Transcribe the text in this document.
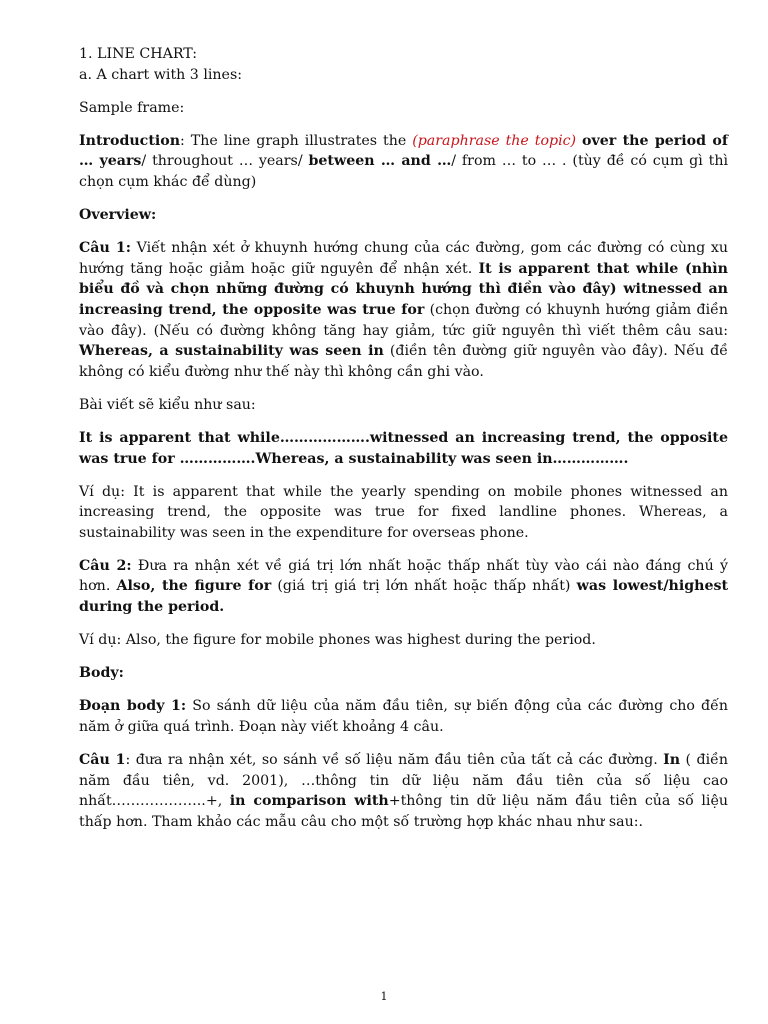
1. LINE CHART:

a. A chart with 3 lines:

Sample frame:

Introduction: The line graph illustrates the (paraphrase the topic) over the period of … years/ throughout … years/ between … and …/ from … to … . (tùy đề có cụm gì thì chọn cụm khác để dùng)

Overview:

Câu 1: Viết nhận xét ở khuynh hướng chung của các đường, gom các đường có cùng xu hướng tăng hoặc giảm hoặc giữ nguyên để nhận xét. It is apparent that while (nhìn biểu đồ và chọn những đường có khuynh hướng thì điền vào đây) witnessed an increasing trend, the opposite was true for (chọn đường có khuynh hướng giảm điền vào đây). (Nếu có đường không tăng hay giảm, tức giữ nguyên thì viết thêm câu sau: Whereas, a sustainability was seen in (điền tên đường giữ nguyên vào đây). Nếu đề không có kiểu đường như thế này thì không cần ghi vào.

Bài viết sẽ kiểu như sau:

It is apparent that while……………….witnessed an increasing trend, the opposite was true for …………….Whereas, a sustainability was seen in…………….

Ví dụ: It is apparent that while the yearly spending on mobile phones witnessed an increasing trend, the opposite was true for fixed landline phones. Whereas, a sustainability was seen in the expenditure for overseas phone.

Câu 2: Đưa ra nhận xét về giá trị lớn nhất hoặc thấp nhất tùy vào cái nào đáng chú ý hơn. Also, the figure for (giá trị giá trị lớn nhất hoặc thấp nhất) was lowest/highest during the period.

Ví dụ: Also, the figure for mobile phones was highest during the period.

Body:

Đoạn body 1: So sánh dữ liệu của năm đầu tiên, sự biến động của các đường cho đến năm ở giữa quá trình. Đoạn này viết khoảng 4 câu.

Câu 1: đưa ra nhận xét, so sánh về số liệu năm đầu tiên của tất cả các đường. In ( điền năm đầu tiên, vd. 2001), …thông tin dữ liệu năm đầu tiên của số liệu cao nhất………………..+, in comparison with+thông tin dữ liệu năm đầu tiên của số liệu thấp hơn. Tham khảo các mẫu câu cho một số trường hợp khác nhau như sau:.

1
